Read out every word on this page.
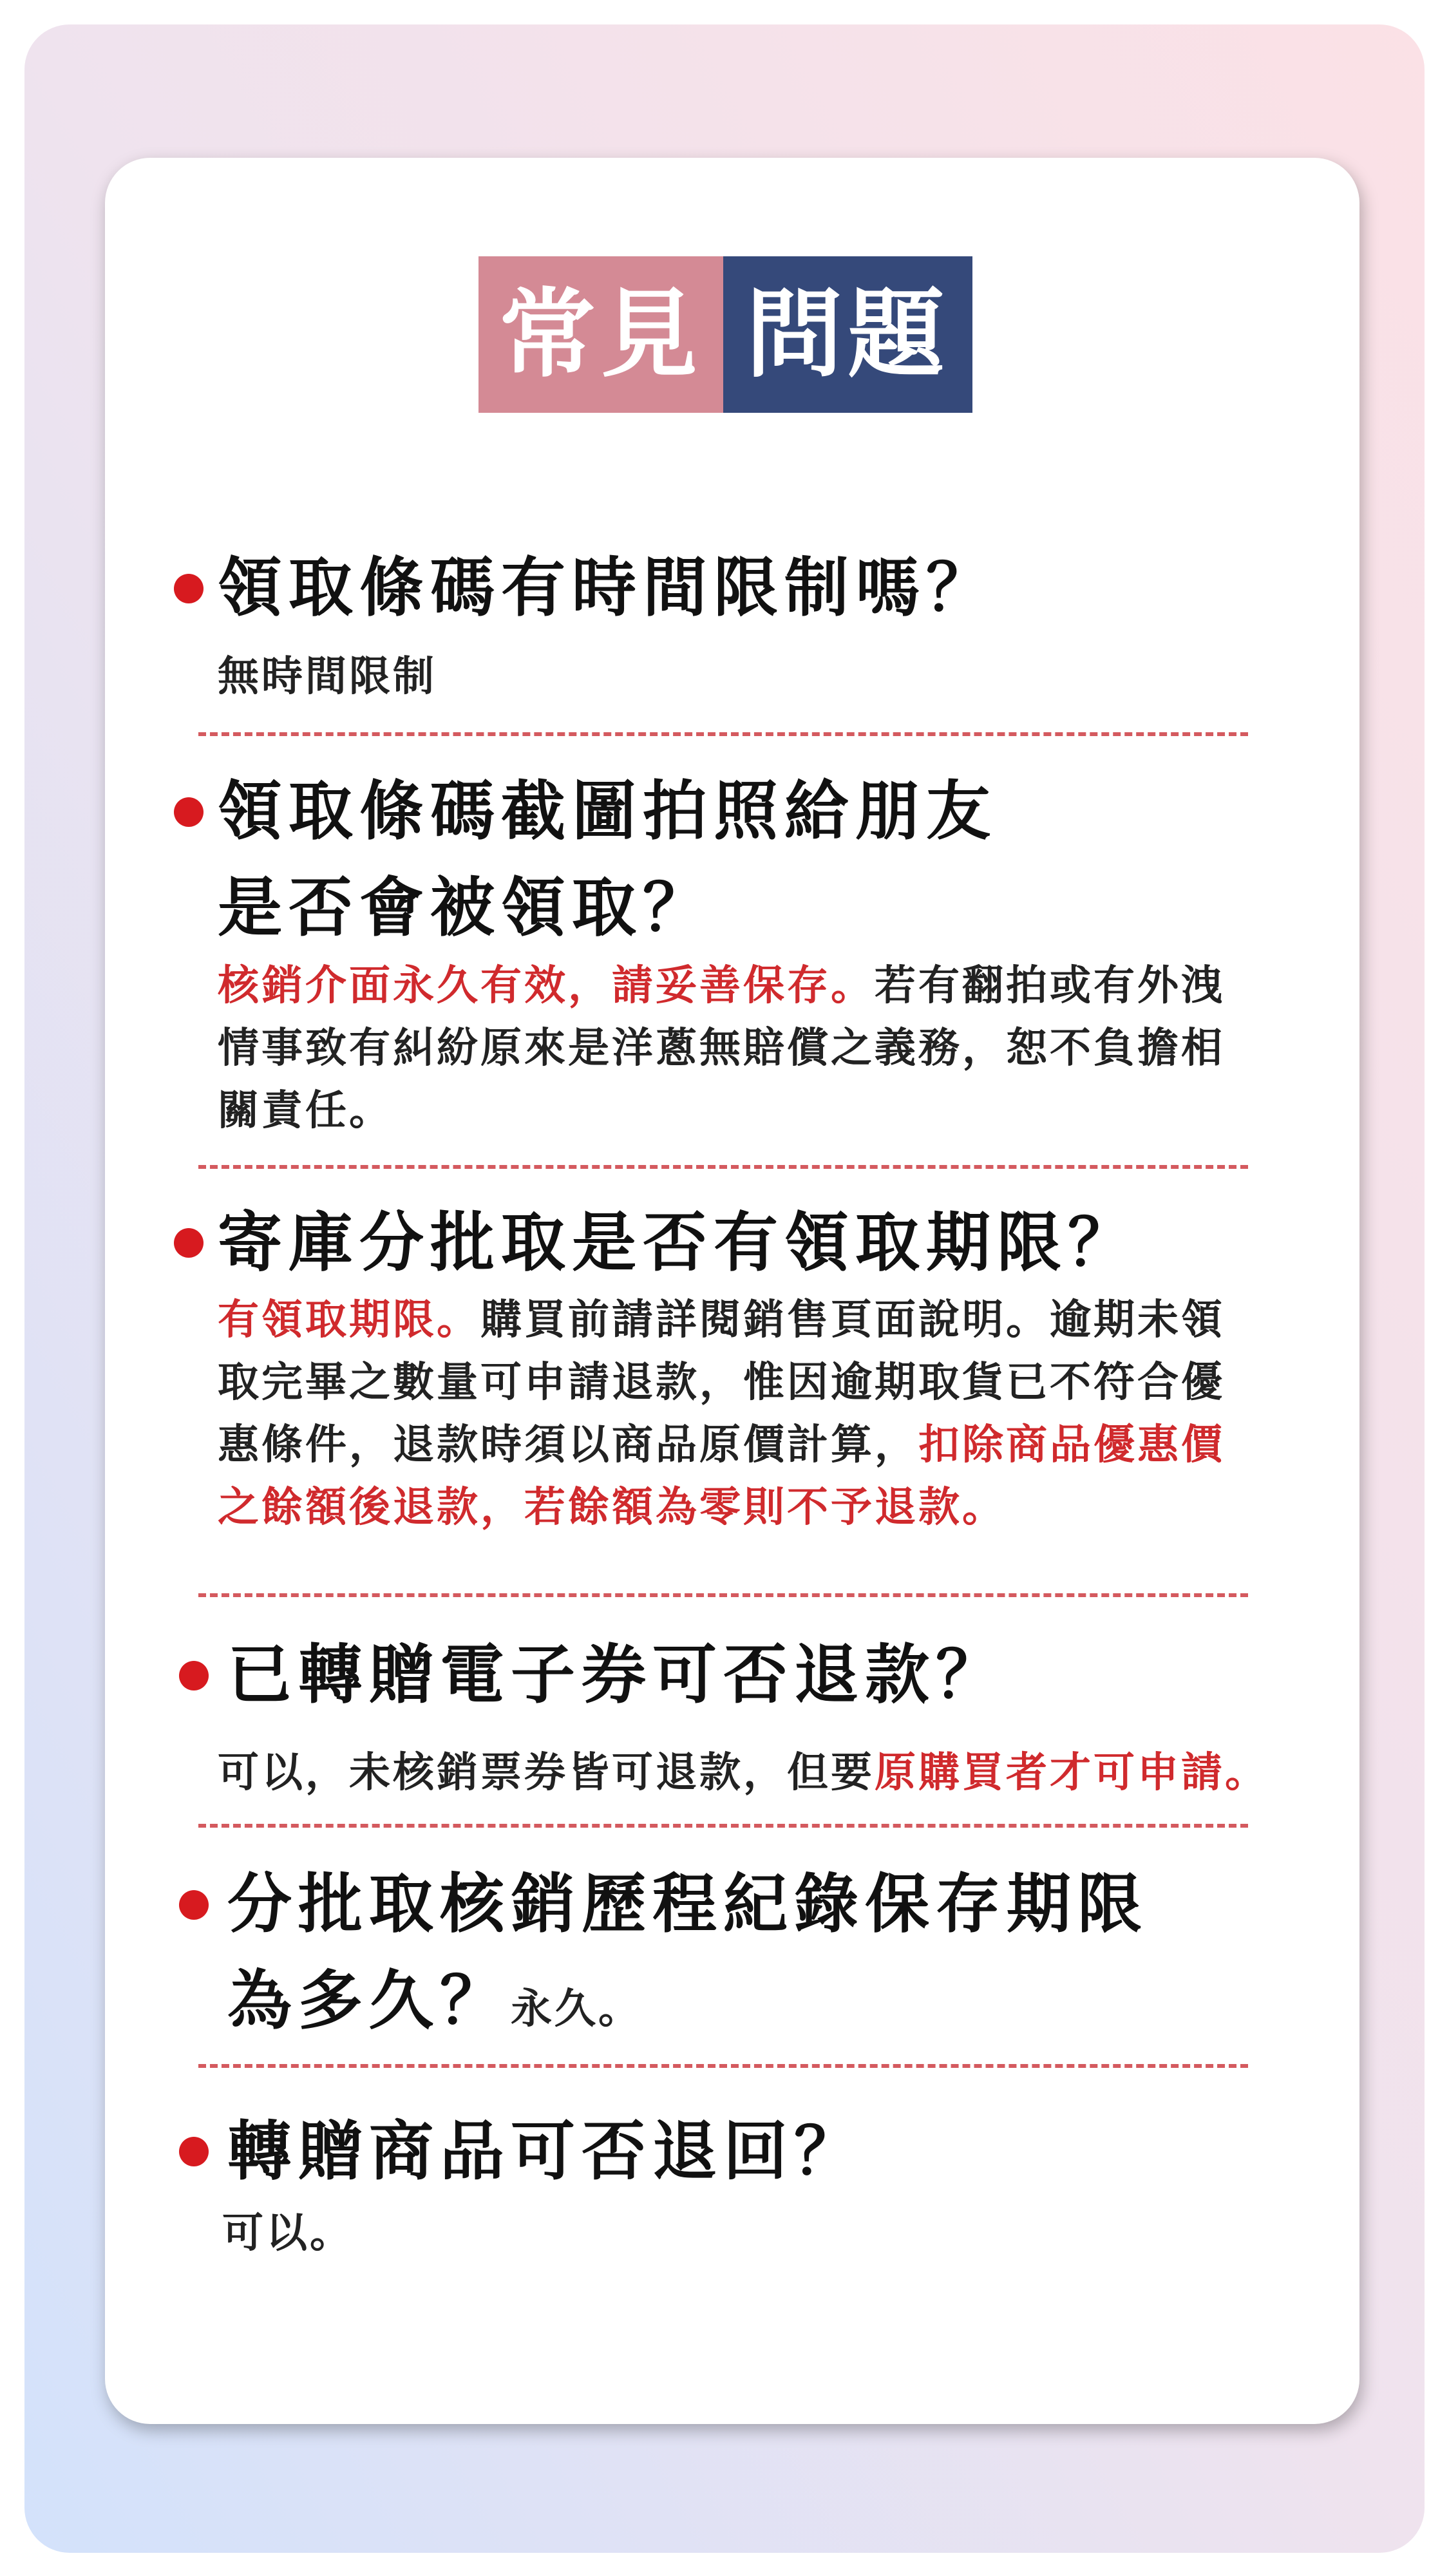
常見 問題

領取條碼有時間限制嗎？

無時間限制

領取條碼截圖拍照給朋友

是否會被領取？

核銷介面永久有效，請妥善保存。若有翻拍或有外洩

情事致有糾紛原來是洋蔥無賠償之義務，恕不負擔相

關責任。

寄庫分批取是否有領取期限？

有領取期限。購買前請詳閱銷售頁面說明。逾期未領

取完畢之數量可申請退款，惟因逾期取貨已不符合優

惠條件，退款時須以商品原價計算，扣除商品優惠價

之餘額後退款，若餘額為零則不予退款。

已轉贈電子券可否退款？

可以，未核銷票券皆可退款，但要原購買者才可申請。

分批取核銷歷程紀錄保存期限

為多久？永久。

轉贈商品可否退回？

可以。
